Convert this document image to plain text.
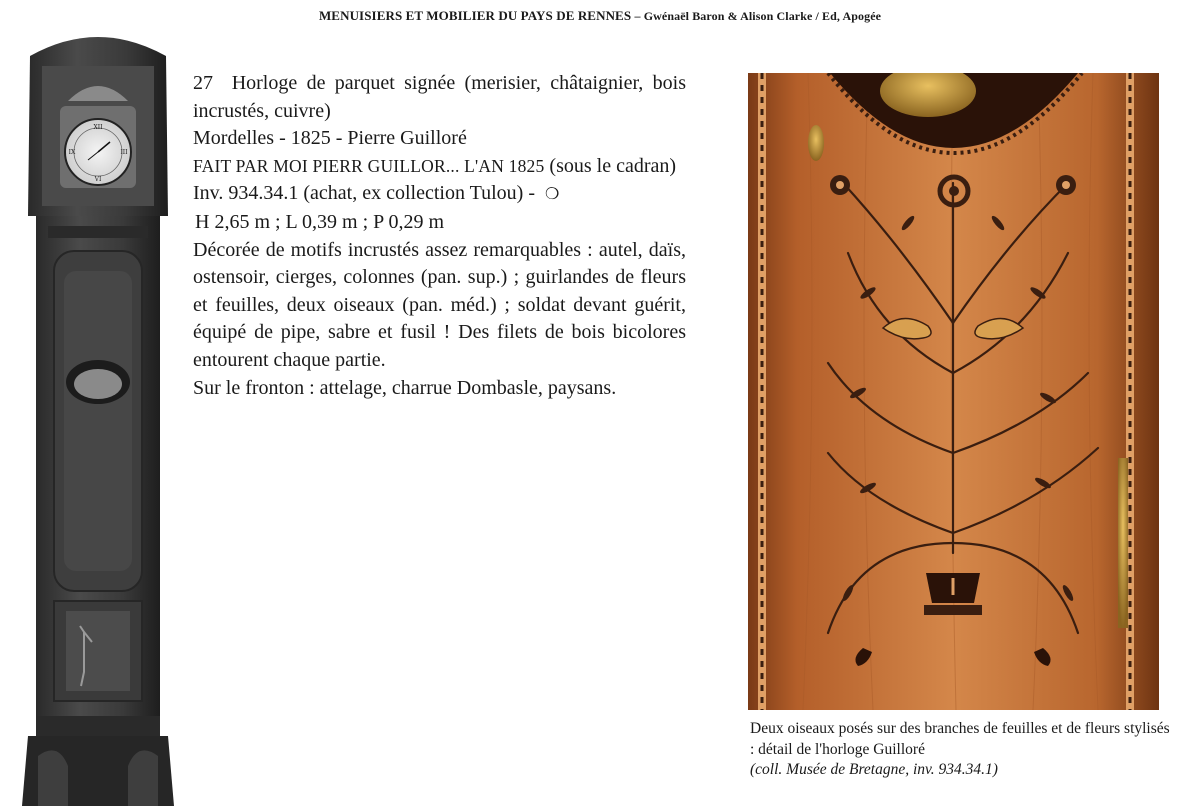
MENUISIERS ET MOBILIER DU PAYS DE RENNES – Gwénaël Baron & Alison Clarke / Ed, Apogée
XII
VI
III
IX

27 Horloge de parquet signée (merisier, châtaignier, bois incrustés, cuivre)

Mordelles - 1825 - Pierre Guilloré

FAIT PAR MOI PIERR GUILLOR... L'AN 1825 (sous le cadran)

Inv. 934.34.1 (achat, ex collection Tulou) - ❍

H 2,65 m ; L 0,39 m ; P 0,29 m

Décorée de motifs incrustés assez remarquables : autel, daïs, ostensoir, cierges, colonnes (pan. sup.) ; guirlandes de fleurs et feuilles, deux oiseaux (pan. méd.) ; soldat devant guérit, équipé de pipe, sabre et fusil ! Des filets de bois bicolores entourent chaque partie.

Sur le fronton : attelage, charrue Dombasle, paysans.

Deux oiseaux posés sur des branches de feuilles et de fleurs stylisés : détail de l'horloge Guilloré
(coll. Musée de Bretagne, inv. 934.34.1)
